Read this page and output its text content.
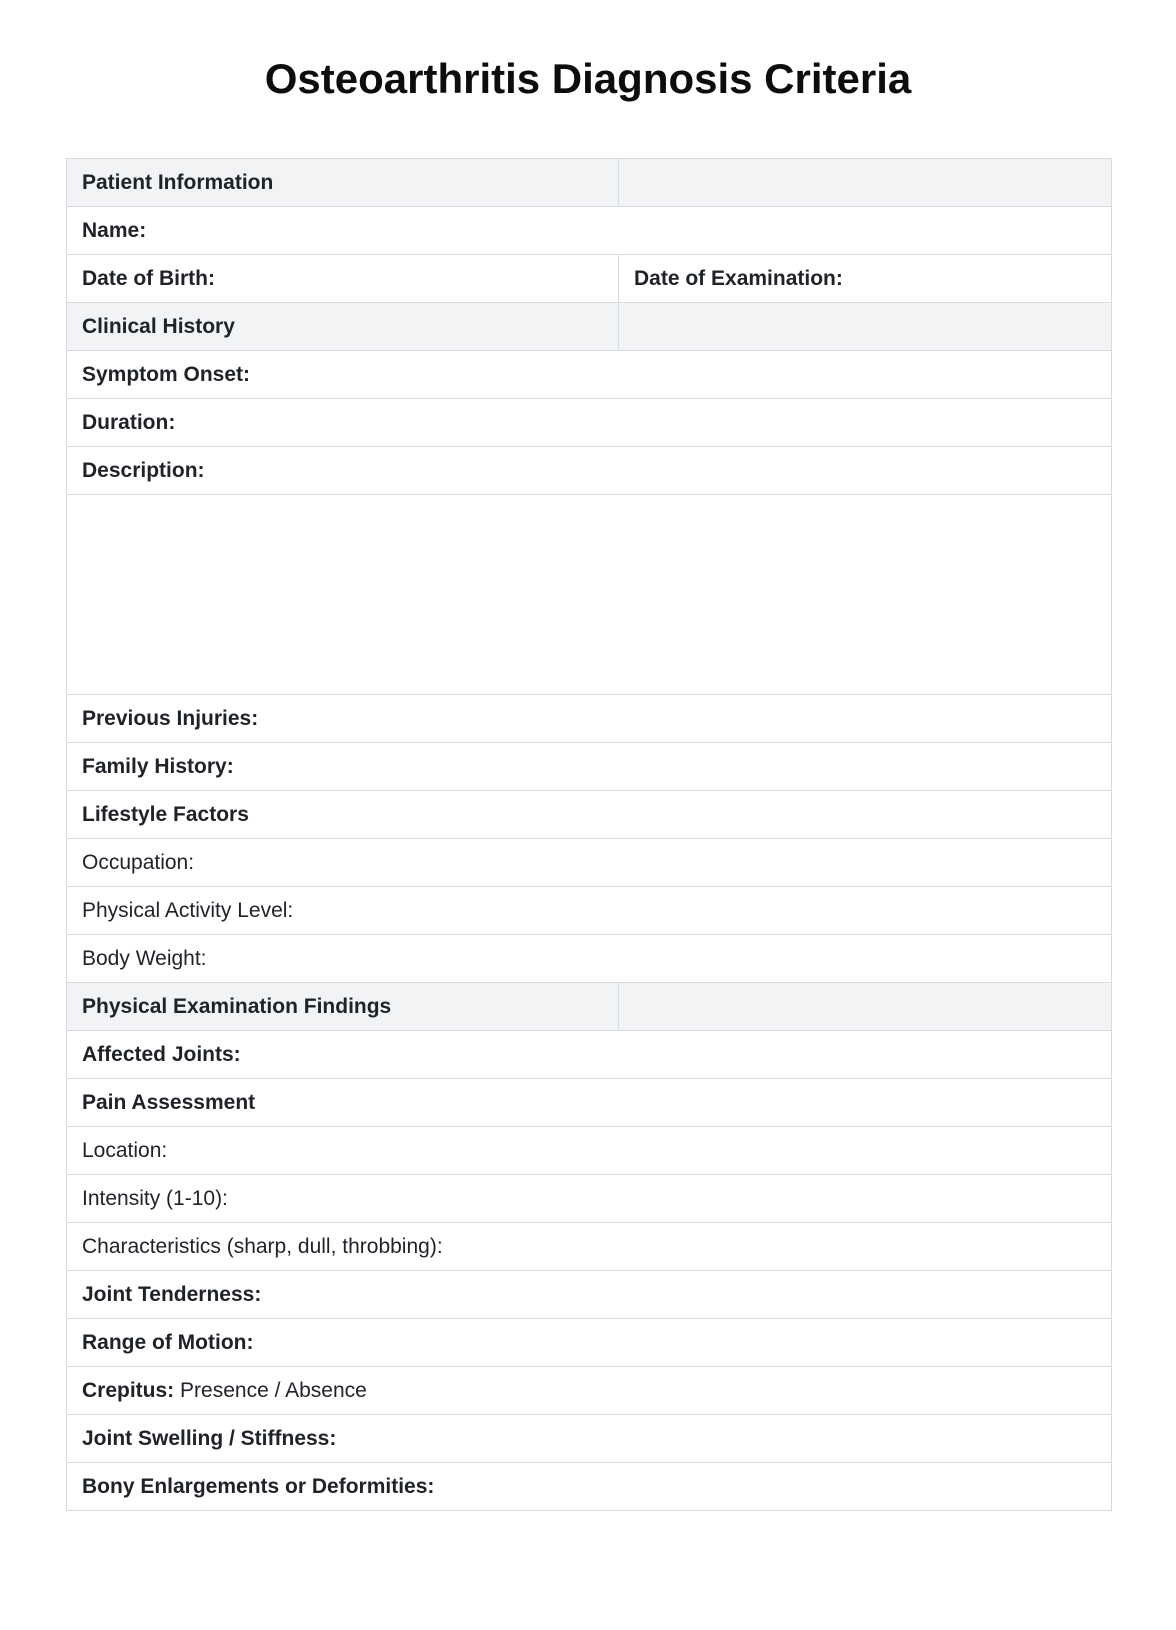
Osteoarthritis Diagnosis Criteria
Patient Information	
Name:	
Date of Birth:	Date of Examination:
Clinical History	
Symptom Onset:	
Duration:	
Description:	

Previous Injuries:	
Family History:	
Lifestyle Factors	
Occupation:	
Physical Activity Level:	
Body Weight:	
Physical Examination Findings	
Affected Joints:	
Pain Assessment	
Location:	
Intensity (1-10):	
Characteristics (sharp, dull, throbbing):	
Joint Tenderness:	
Range of Motion:	
Crepitus: Presence / Absence	
Joint Swelling / Stiffness:	
Bony Enlargements or Deformities:	
